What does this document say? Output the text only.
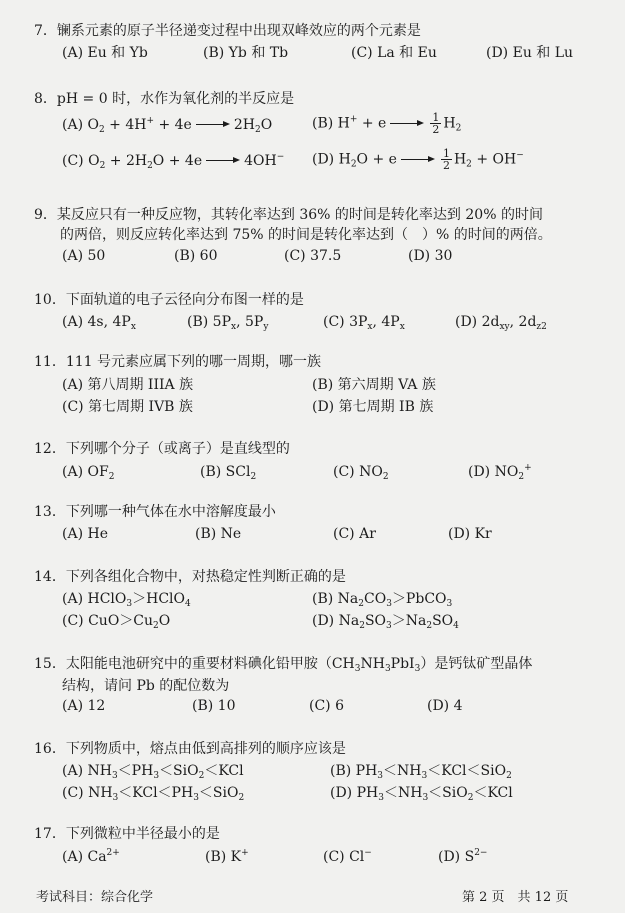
7．镧系元素的原子半径递变过程中出现双峰效应的两个元素是
(A) Eu 和 Yb	(B) Yb 和 Tb	(C) La 和 Eu	(D) Eu 和 Lu
8．pH = 0 时，水作为氧化剂的半反应是
(A) $O_2 + 4H^+ + 4e$	$2H_2O$	(B) H+ + e	$\frac{1}{2} H_2$
(C) $O_2 + 2H_2O + 4e$	4OH− (D) $H_2O + e$	$\frac{1}{2} H_2 + OH^-$
9．某反应只有一种反应物，其转化率达到 36% 的时间是转化率达到 20% 的时间
的两倍，则反应转化率达到 75% 的时间是转化率达到（　）% 的时间的两倍。
(A) 50	(B) 60	(C) 37.5	(D) 30
10．下面轨道的电子云径向分布图一样的是
(A) 4s, $4P_x$	(B) $5P_x$, $5P_y$	(C) $3P_x$, $4P_x$	(D) $2d_{xy}$, $2d_{z2}$
11．111 号元素应属下列的哪一周期，哪一族
(A) 第八周期 IIIA 族	(B) 第六周期 VA 族
(C) 第七周期 IVB 族	(D) 第七周期 IB 族
12．下列哪个分子（或离子）是直线型的
(A) $OF_2$	(B) SCl$_2$	(C) $NO_2$	(D) $NO_2^+$
13．下列哪一种气体在水中溶解度最小
(A) He	(B) Ne	(C) Ar	(D) Kr
14．下列各组化合物中，对热稳定性判断正确的是
(A) HClO$_3$＞HClO$_4$	(B) $Na_2CO_3>PbCO_3$
(C) $CuO>Cu_2O$	(D) $Na_2SO_3>Na_2SO_4$
15．太阳能电池研究中的重要材料碘化铅甲胺$(CH_3NH_3PbI_3)$是钙钛矿型晶体
结构，请问 Pb 的配位数为
(A) 12	(B) 10	(C) 6	(D) 4
16．下列物质中，熔点由低到高排列的顺序应该是
(A) $NH_3<PH_3<SiO_2<KCl$	(B) $PH_3<NH_3<KCl<SiO_2$
(C) $NH_3<KCl<PH_3<SiO_2$	(D) $PH_3<NH_3<SiO_2<KCl$
17．下列微粒中半径最小的是
(A) $Ca^{2+}$	(B) K+	(C) Cl−	(D) $S^{2-}$
考试科目：综合化学	第 2 页　共 12 页
